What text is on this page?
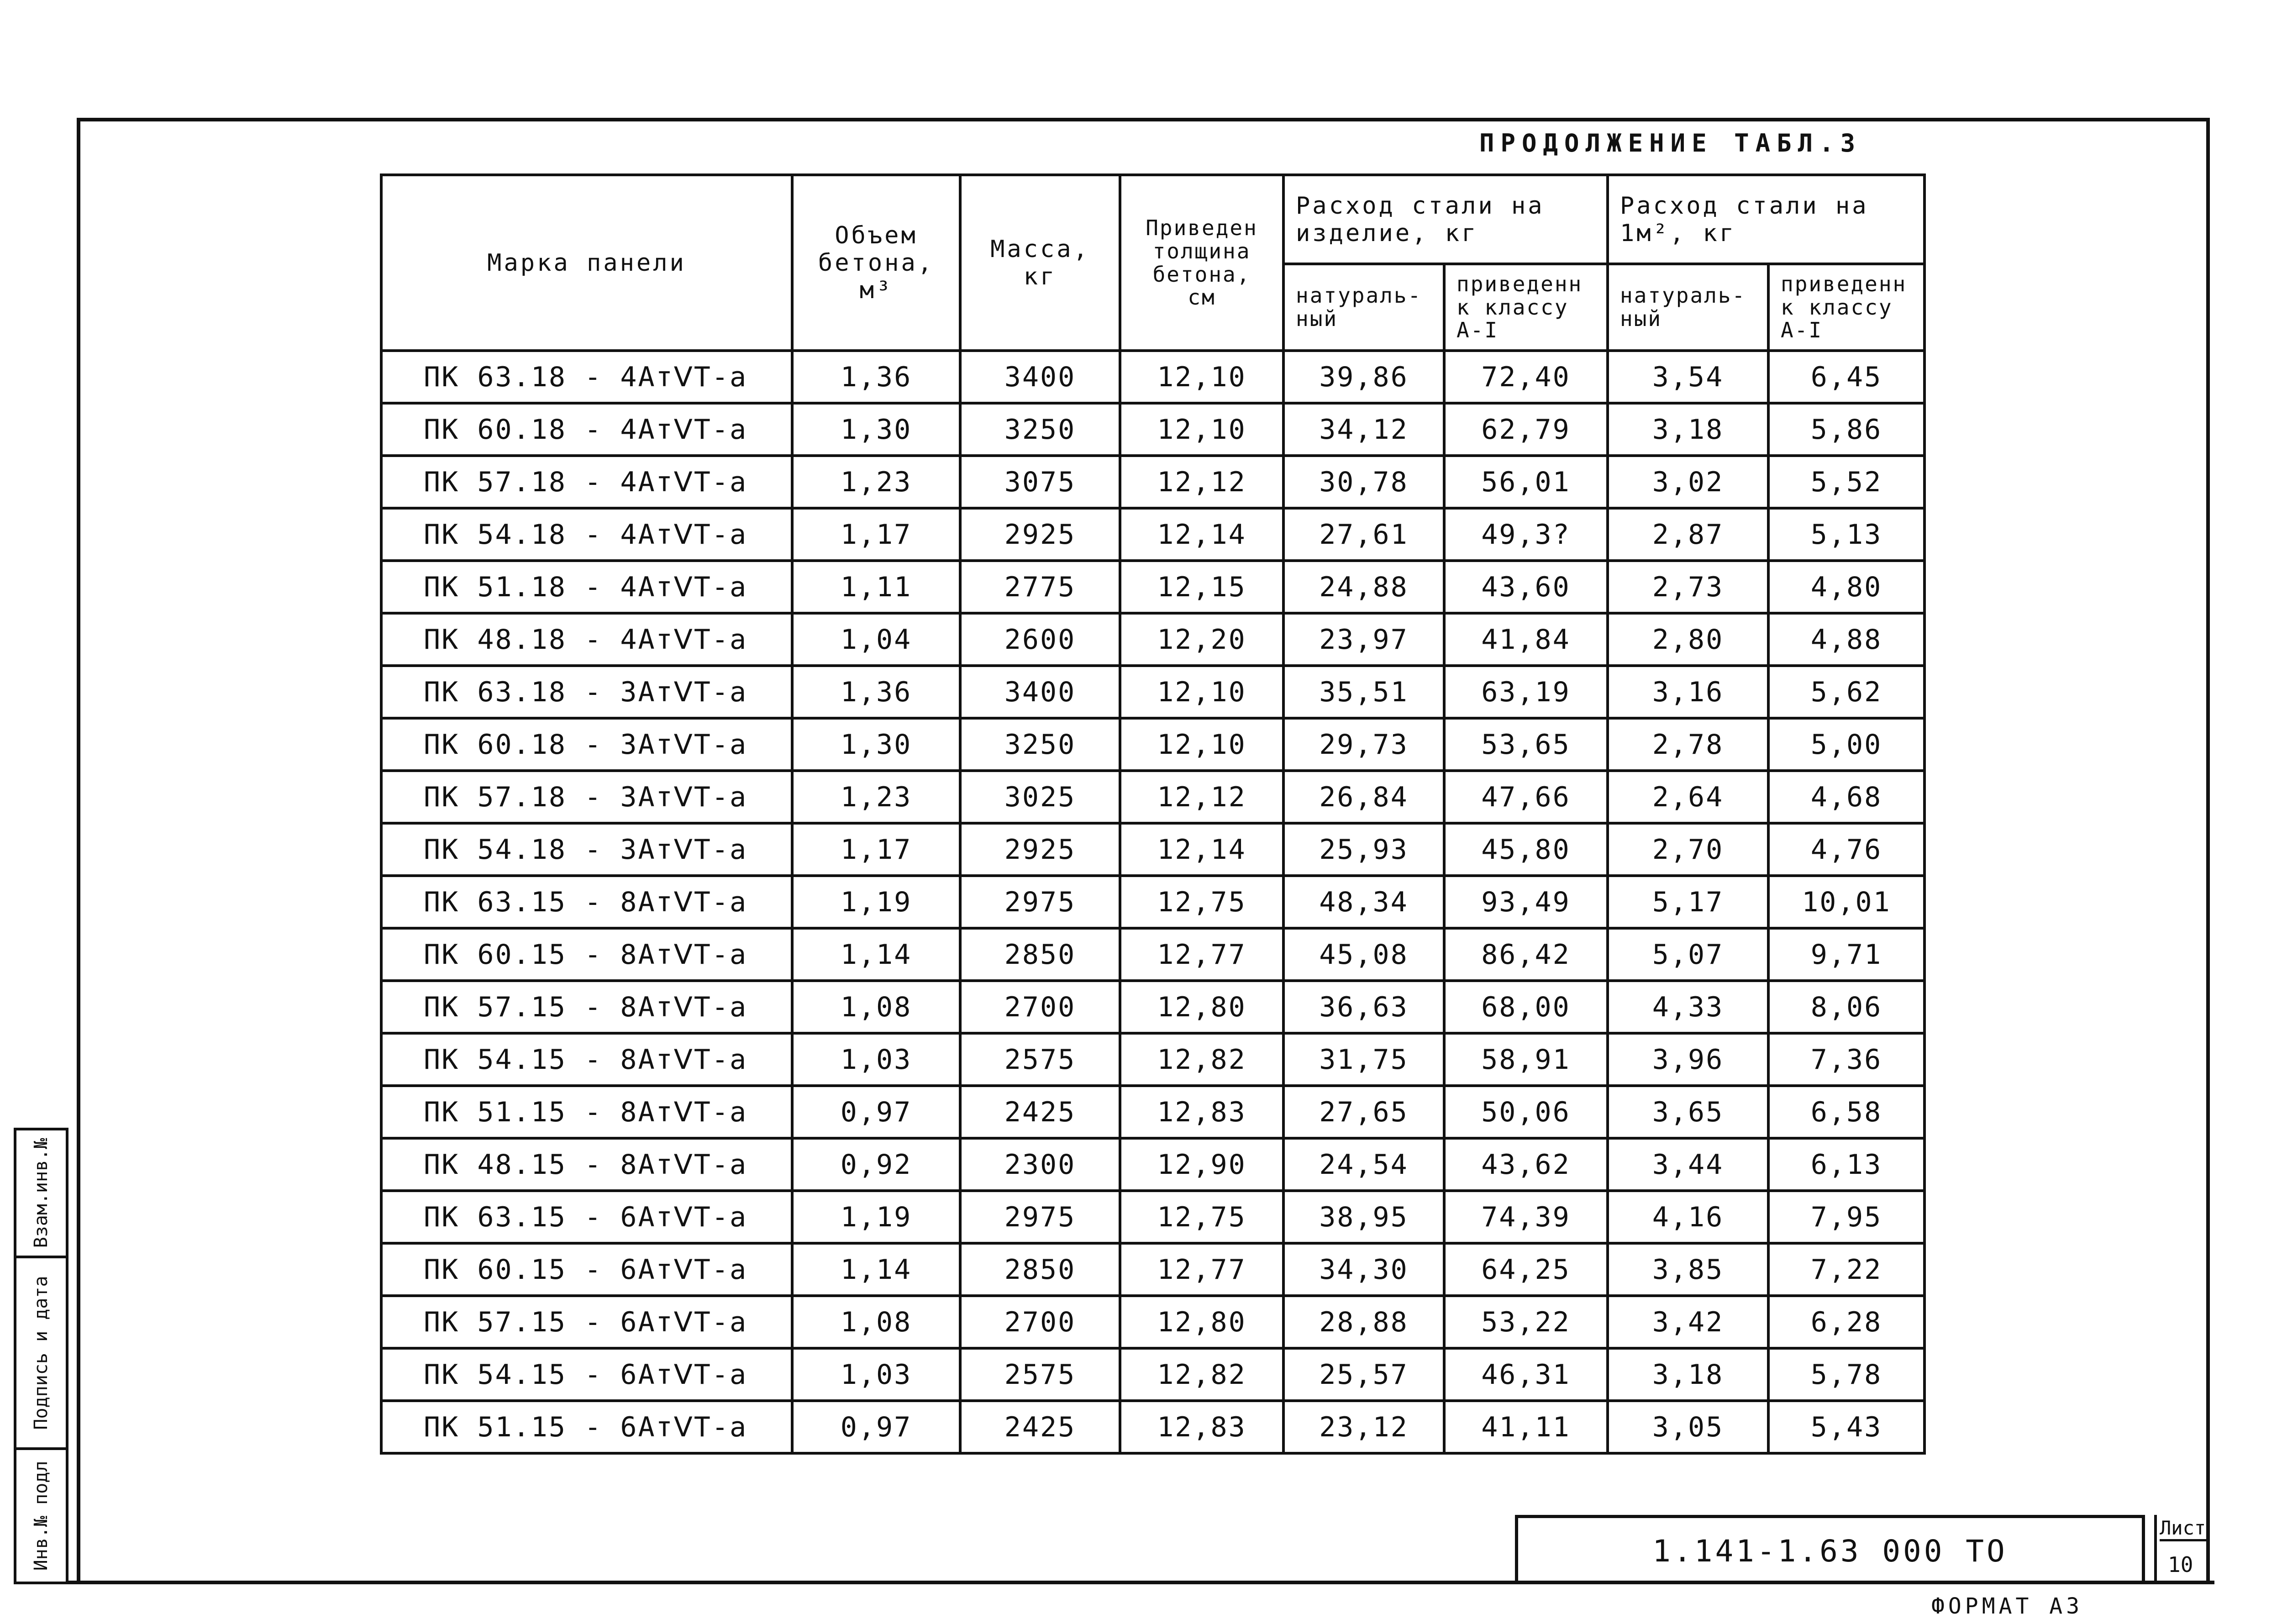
ПРОДОЛЖЕНИЕ ТАБЛ.3
Марка панели	Объем бетона, м³	Масса, кг	Приведен толщина бетона, см	Расход стали на изделие, кг		Расход стали на 1м², кг	
				натураль- ный	приведенн к классу А-I	натураль- ный	приведенн к классу А-I
ПК 63.18 - 4АтⅤТ-а	1,36	3400	12,10	39,86	72,40	3,54	6,45
ПК 60.18 - 4АтⅤТ-а	1,30	3250	12,10	34,12	62,79	3,18	5,86
ПК 57.18 - 4АтⅤТ-а	1,23	3075	12,12	30,78	56,01	3,02	5,52
ПК 54.18 - 4АтⅤТ-а	1,17	2925	12,14	27,61	49,3?	2,87	5,13
ПК 51.18 - 4АтⅤТ-а	1,11	2775	12,15	24,88	43,60	2,73	4,80
ПК 48.18 - 4АтⅤТ-а	1,04	2600	12,20	23,97	41,84	2,80	4,88
ПК 63.18 - 3АтⅤТ-а	1,36	3400	12,10	35,51	63,19	3,16	5,62
ПК 60.18 - 3АтⅤТ-а	1,30	3250	12,10	29,73	53,65	2,78	5,00
ПК 57.18 - 3АтⅤТ-а	1,23	3025	12,12	26,84	47,66	2,64	4,68
ПК 54.18 - 3АтⅤТ-а	1,17	2925	12,14	25,93	45,80	2,70	4,76
ПК 63.15 - 8АтⅤТ-а	1,19	2975	12,75	48,34	93,49	5,17	10,01
ПК 60.15 - 8АтⅤТ-а	1,14	2850	12,77	45,08	86,42	5,07	9,71
ПК 57.15 - 8АтⅤТ-а	1,08	2700	12,80	36,63	68,00	4,33	8,06
ПК 54.15 - 8АтⅤТ-а	1,03	2575	12,82	31,75	58,91	3,96	7,36
ПК 51.15 - 8АтⅤТ-а	0,97	2425	12,83	27,65	50,06	3,65	6,58
ПК 48.15 - 8АтⅤТ-а	0,92	2300	12,90	24,54	43,62	3,44	6,13
ПК 63.15 - 6АтⅤТ-а	1,19	2975	12,75	38,95	74,39	4,16	7,95
ПК 60.15 - 6АтⅤТ-а	1,14	2850	12,77	34,30	64,25	3,85	7,22
ПК 57.15 - 6АтⅤТ-а	1,08	2700	12,80	28,88	53,22	3,42	6,28
ПК 54.15 - 6АтⅤТ-а	1,03	2575	12,82	25,57	46,31	3,18	5,78
ПК 51.15 - 6АтⅤТ-а	0,97	2425	12,83	23,12	41,11	3,05	5,43
1.141-1.63 000 ТО
Лист
10
ФОРМАТ А3
Взам.инв.№
Подпись и дата
Инв.№ подл
